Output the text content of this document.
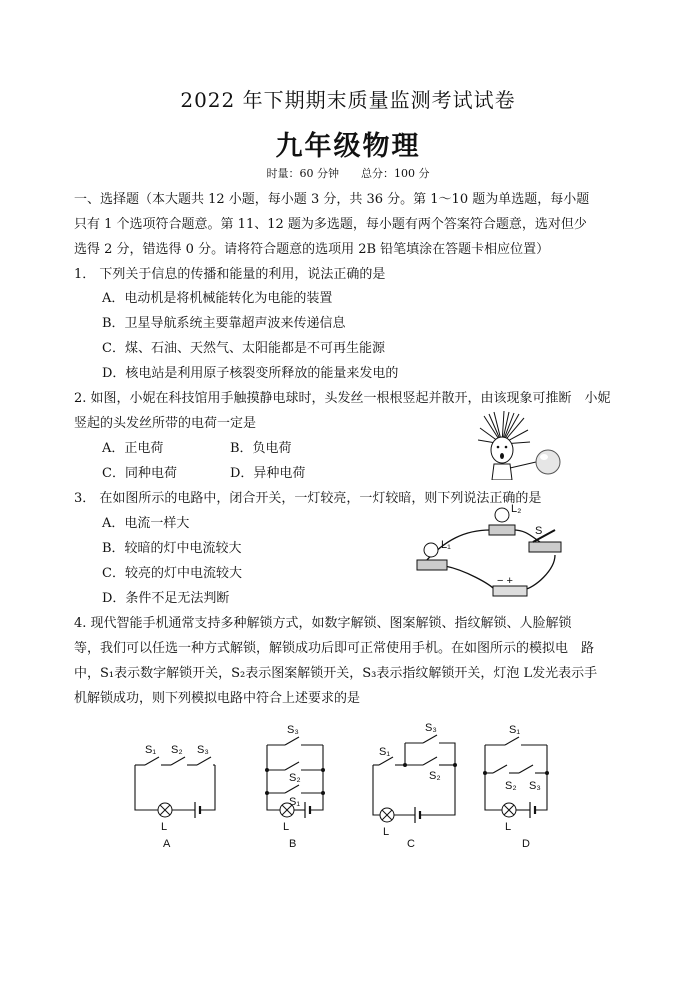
2022 年下期期末质量监测考试试卷
九年级物理
时量：60 分钟　　总分：100 分
一、选择题（本大题共 12 小题，每小题 3 分，共 36 分。第 1～10 题为单选题，每小题
只有 1 个选项符合题意。第 11、12 题为多选题，每小题有两个答案符合题意，选对但少
选得 2 分，错选得 0 分。请将符合题意的选项用 2B 铅笔填涂在答题卡相应位置）
1． 下列关于信息的传播和能量的利用，说法正确的是
A．电动机是将机械能转化为电能的装置
B．卫星导航系统主要靠超声波来传递信息
C．煤、石油、天然气、太阳能都是不可再生能源
D．核电站是利用原子核裂变所释放的能量来发电的
2. 如图，小妮在科技馆用手触摸静电球时，头发丝一根根竖起并散开，由该现象可推断　小妮
竖起的头发丝所带的电荷一定是
A．正电荷	B．负电荷
C．同种电荷	D．异种电荷
3． 在如图所示的电路中，闭合开关，一灯较亮，一灯较暗，则下列说法正确的是
A．电流一样大
B．较暗的灯中电流较大
C．较亮的灯中电流较大
D．条件不足无法判断
L₁
L₂
S
− +
4. 现代智能手机通常支持多种解锁方式，如数字解锁、图案解锁、指纹解锁、人脸解锁
等，我们可以任选一种方式解锁，解锁成功后即可正常使用手机。在如图所示的模拟电　路
中，S₁表示数字解锁开关，S₂表示图案解锁开关，S₃表示指纹解锁开关，灯泡 L发光表示手
机解锁成功，则下列模拟电路中符合上述要求的是
S₁ S₂ S₃
S₃
S₂
S₁
S₁
S₃
S₂
S₁
S₂ S₃
L	L	L	L
A	B	C	D
